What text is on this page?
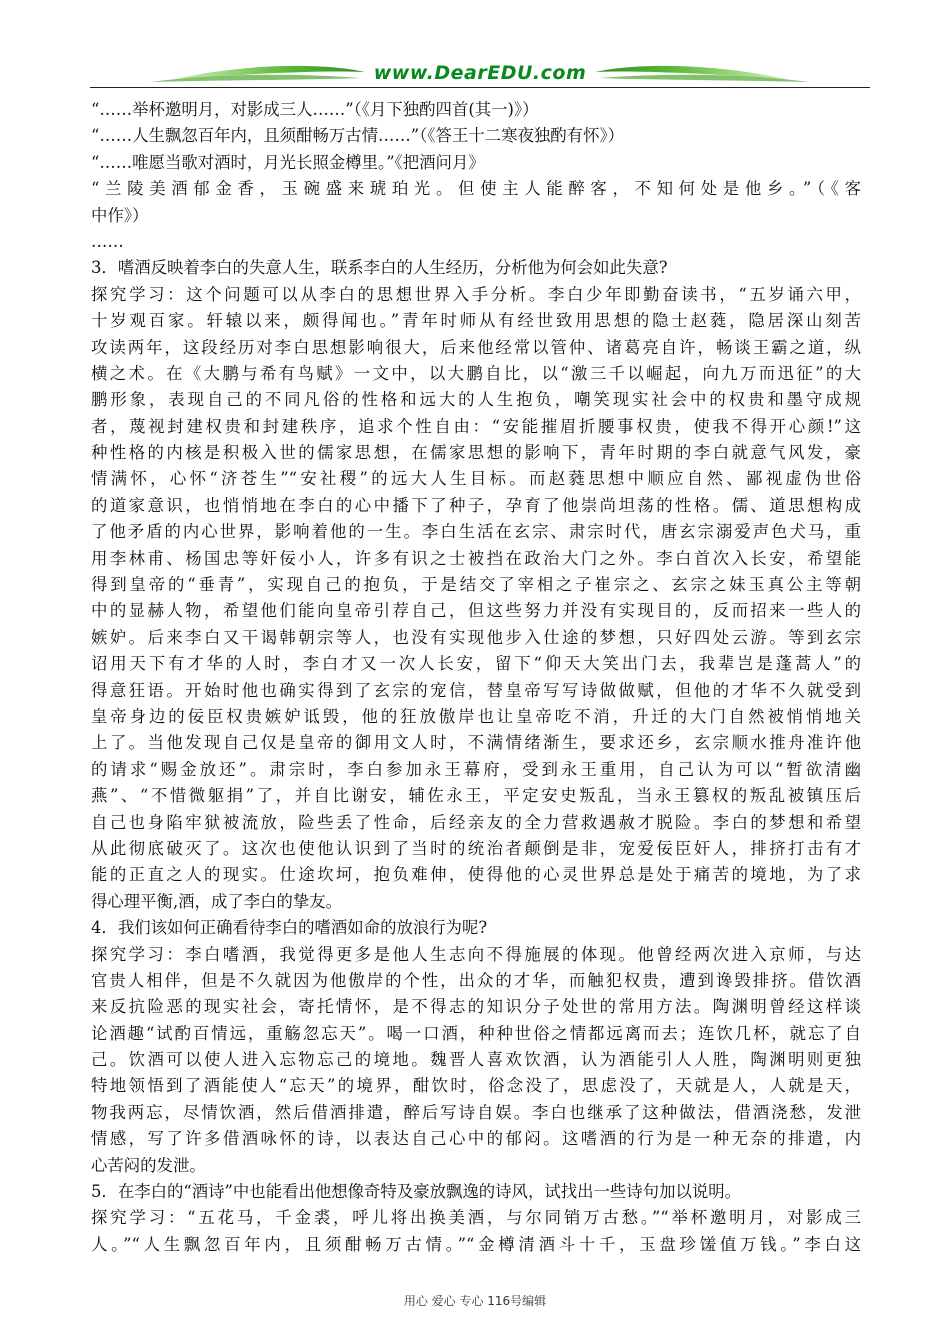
www.DearEDU.com
“……举杯邀明月，对影成三人……”（《月下独酌四首(其一)》）
“……人生飘忽百年内，且须酣畅万古情……”（《答王十二寒夜独酌有怀》）
“……唯愿当歌对酒时，月光长照金樽里。”《把酒问月》
“兰陵美酒郁金香，玉碗盛来琥珀光。但使主人能醉客，不知何处是他乡。”（《客
中作》）
……
3．嗜酒反映着李白的失意人生，联系李白的人生经历，分析他为何会如此失意?
探究学习：这个问题可以从李白的思想世界入手分析。李白少年即勤奋读书，“五岁诵六甲，
十岁观百家。轩辕以来，颇得闻也。”青年时师从有经世致用思想的隐士赵蕤，隐居深山刻苦
攻读两年，这段经历对李白思想影响很大，后来他经常以管仲、诸葛亮自许，畅谈王霸之道，纵
横之术。在《大鹏与希有鸟赋》一文中，以大鹏自比，以“激三千以崛起，向九万而迅征”的大
鹏形象，表现自己的不同凡俗的性格和远大的人生抱负，嘲笑现实社会中的权贵和墨守成规
者，蔑视封建权贵和封建秩序，追求个性自由：“安能摧眉折腰事权贵，使我不得开心颜!”这
种性格的内核是积极入世的儒家思想，在儒家思想的影响下，青年时期的李白就意气风发，豪
情满怀，心怀“济苍生”“安社稷”的远大人生目标。而赵蕤思想中顺应自然、鄙视虚伪世俗
的道家意识，也悄悄地在李白的心中播下了种子，孕育了他崇尚坦荡的性格。儒、道思想构成
了他矛盾的内心世界，影响着他的一生。李白生活在玄宗、肃宗时代，唐玄宗溺爱声色犬马，重
用李林甫、杨国忠等奸佞小人，许多有识之士被挡在政治大门之外。李白首次入长安，希望能
得到皇帝的“垂青”，实现自己的抱负，于是结交了宰相之子崔宗之、玄宗之妹玉真公主等朝
中的显赫人物，希望他们能向皇帝引荐自己，但这些努力并没有实现目的，反而招来一些人的
嫉妒。后来李白又干谒韩朝宗等人，也没有实现他步入仕途的梦想，只好四处云游。等到玄宗
诏用天下有才华的人时，李白才又一次人长安，留下“仰天大笑出门去，我辈岂是蓬蒿人”的
得意狂语。开始时他也确实得到了玄宗的宠信，替皇帝写写诗做做赋，但他的才华不久就受到
皇帝身边的佞臣权贵嫉妒诋毁，他的狂放傲岸也让皇帝吃不消，升迁的大门自然被悄悄地关
上了。当他发现自己仅是皇帝的御用文人时，不满情绪渐生，要求还乡，玄宗顺水推舟准许他
的请求“赐金放还”。肃宗时，李白参加永王幕府，受到永王重用，自己认为可以“暂欲清幽
燕”、“不惜微躯捐”了，并自比谢安，辅佐永王，平定安史叛乱，当永王篡权的叛乱被镇压后
自己也身陷牢狱被流放，险些丢了性命，后经亲友的全力营救遇赦才脱险。李白的梦想和希望
从此彻底破灭了。这次也使他认识到了当时的统治者颠倒是非，宠爱佞臣奸人，排挤打击有才
能的正直之人的现实。仕途坎坷，抱负难伸，使得他的心灵世界总是处于痛苦的境地，为了求
得心理平衡,酒，成了李白的挚友。
4．我们该如何正确看待李白的嗜酒如命的放浪行为呢?
探究学习：李白嗜酒，我觉得更多是他人生志向不得施展的体现。他曾经两次进入京师，与达
官贵人相伴，但是不久就因为他傲岸的个性，出众的才华，而触犯权贵，遭到谗毁排挤。借饮酒
来反抗险恶的现实社会，寄托情怀，是不得志的知识分子处世的常用方法。陶渊明曾经这样谈
论酒趣“试酌百情远，重觞忽忘天”。喝一口酒，种种世俗之情都远离而去；连饮几杯，就忘了自
己。饮酒可以使人进入忘物忘己的境地。魏晋人喜欢饮酒，认为酒能引人人胜，陶渊明则更独
特地领悟到了酒能使人“忘天”的境界，酣饮时，俗念没了，思虑没了，天就是人，人就是天，
物我两忘，尽情饮酒，然后借酒排遣，醉后写诗自娱。李白也继承了这种做法，借酒浇愁，发泄
情感，写了许多借酒咏怀的诗，以表达自己心中的郁闷。这嗜酒的行为是一种无奈的排遣，内
心苦闷的发泄。
5．在李白的“酒诗”中也能看出他想像奇特及豪放飘逸的诗风，试找出一些诗句加以说明。
探究学习：“五花马，千金裘，呼儿将出换美酒，与尔同销万古愁。”“举杯邀明月，对影成三
人。”“人生飘忽百年内，且须酣畅万古情。”“金樽清酒斗十千，玉盘珍馐值万钱。”李白这
用心 爱心 专心 116号编辑
